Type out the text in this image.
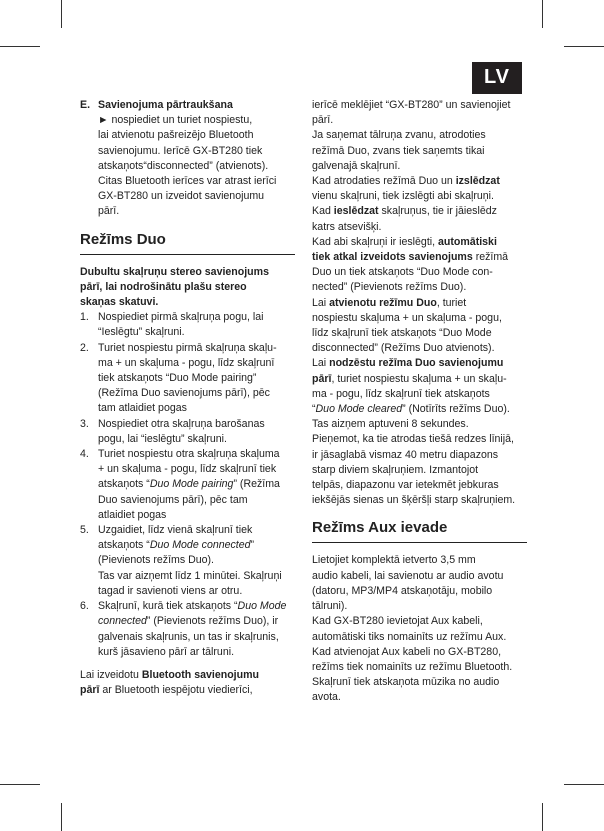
LV
E. Savienojuma pārtraukšana

► nospiediet un turiet nospiestu,

lai atvienotu pašreizējo Bluetooth

savienojumu. Ierīcē GX-BT280 tiek

atskaņots“disconnected” (atvienots).

Citas Bluetooth ierīces var atrast ierīci

GX-BT280 un izveidot savienojumu

pārī.

Režīms Duo

Dubultu skaļruņu stereo savienojums

pārī, lai nodrošinātu plašu stereo

skaņas skatuvi.

1. Nospiediet pirmā skaļruņa pogu, lai

“Ieslēgtu” skaļruni.

2. Turiet nospiestu pirmā skaļruņa skaļu-

ma + un skaļuma - pogu, līdz skaļrunī

tiek atskaņots “Duo Mode pairing”

(Režīma Duo savienojums pārī), pēc

tam atlaidiet pogas

3. Nospiediet otra skaļruņa barošanas

pogu, lai “ieslēgtu” skaļruni.

4. Turiet nospiestu otra skaļruņa skaļuma

+ un skaļuma - pogu, līdz skaļrunī tiek

atskaņots “Duo Mode pairing” (Režīma

Duo savienojums pārī), pēc tam

atlaidiet pogas

5. Uzgaidiet, līdz vienā skaļrunī tiek

atskaņots “Duo Mode connected”

(Pievienots režīms Duo).

Tas var aizņemt līdz 1 minūtei. Skaļruņi

tagad ir savienoti viens ar otru.

6. Skaļrunī, kurā tiek atskaņots “Duo Mode

connected” (Pievienots režīms Duo), ir

galvenais skaļrunis, un tas ir skaļrunis,

kurš jāsavieno pārī ar tālruni.

Lai izveidotu Bluetooth savienojumu

pārī ar Bluetooth iespējotu viedierīci,

ierīcē meklējiet “GX-BT280” un savienojiet

pārī.

Ja saņemat tālruņa zvanu, atrodoties

režīmā Duo, zvans tiek saņemts tikai

galvenajā skaļrunī.

Kad atrodaties režīmā Duo un izslēdzat

vienu skaļruni, tiek izslēgti abi skaļruņi.

Kad ieslēdzat skaļruņus, tie ir jāieslēdz

katrs atsevišķi.

Kad abi skaļruņi ir ieslēgti, automātiski

tiek atkal izveidots savienojums režīmā

Duo un tiek atskaņots “Duo Mode con-

nected” (Pievienots režīms Duo).

Lai atvienotu režīmu Duo, turiet

nospiestu skaļuma + un skaļuma - pogu,

līdz skaļrunī tiek atskaņots “Duo Mode

disconnected” (Režīms Duo atvienots).

Lai nodzēstu režīma Duo savienojumu

pārī, turiet nospiestu skaļuma + un skaļu-

ma - pogu, līdz skaļrunī tiek atskaņots

“Duo Mode cleared” (Notīrīts režīms Duo).

Tas aizņem aptuveni 8 sekundes.

Pieņemot, ka tie atrodas tiešā redzes līnijā,

ir jāsaglabā vismaz 40 metru diapazons

starp diviem skaļruņiem. Izmantojot

telpās, diapazonu var ietekmēt jebkuras

iekšējās sienas un šķēršļi starp skaļruņiem.

Režīms Aux ievade

Lietojiet komplektā ietverto 3,5 mm

audio kabeli, lai savienotu ar audio avotu

(datoru, MP3/MP4 atskaņotāju, mobilo

tālruni).

Kad GX-BT280 ievietojat Aux kabeli,

automātiski tiks nomainīts uz režīmu Aux.

Kad atvienojat Aux kabeli no GX-BT280,

režīms tiek nomainīts uz režīmu Bluetooth.

Skaļrunī tiek atskaņota mūzika no audio

avota.
